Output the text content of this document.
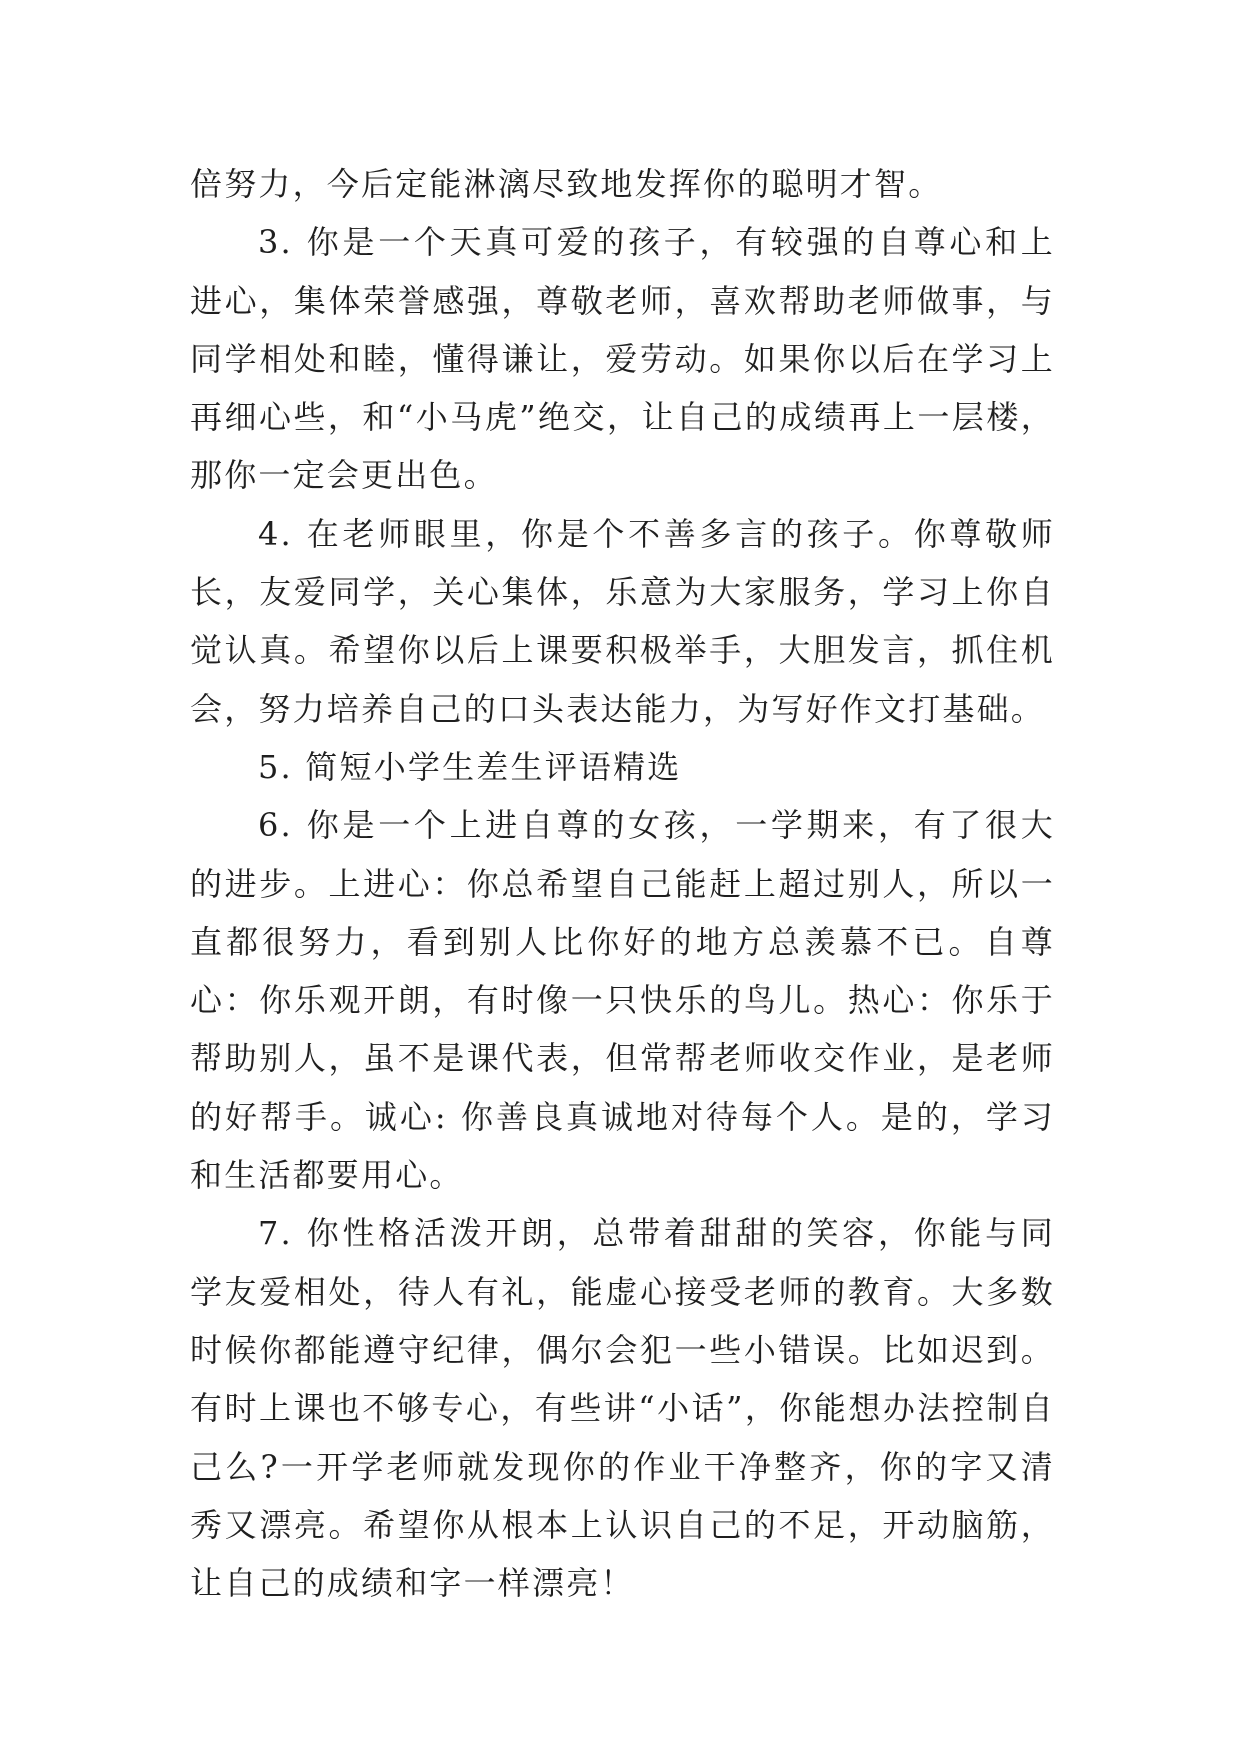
倍努力，今后定能淋漓尽致地发挥你的聪明才智。

3. 你是一个天真可爱的孩子，有较强的自尊心和上进心，集体荣誉感强，尊敬老师，喜欢帮助老师做事，与同学相处和睦，懂得谦让，爱劳动。如果你以后在学习上再细心些，和“小马虎”绝交，让自己的成绩再上一层楼，那你一定会更出色。

4. 在老师眼里，你是个不善多言的孩子。你尊敬师长，友爱同学，关心集体，乐意为大家服务，学习上你自觉认真。希望你以后上课要积极举手，大胆发言，抓住机会，努力培养自己的口头表达能力，为写好作文打基础。

5. 简短小学生差生评语精选

6. 你是一个上进自尊的女孩，一学期来，有了很大的进步。上进心：你总希望自己能赶上超过别人，所以一直都很努力，看到别人比你好的地方总羡慕不已。自尊心：你乐观开朗，有时像一只快乐的鸟儿。热心：你乐于帮助别人，虽不是课代表，但常帮老师收交作业，是老师的好帮手。诚心: 你善良真诚地对待每个人。是的，学习和生活都要用心。

7. 你性格活泼开朗，总带着甜甜的笑容，你能与同学友爱相处，待人有礼，能虚心接受老师的教育。大多数时候你都能遵守纪律，偶尔会犯一些小错误。比如迟到。有时上课也不够专心，有些讲“小话”，你能想办法控制自己么?一开学老师就发现你的作业干净整齐，你的字又清秀又漂亮。希望你从根本上认识自己的不足，开动脑筋，让自己的成绩和字一样漂亮！
